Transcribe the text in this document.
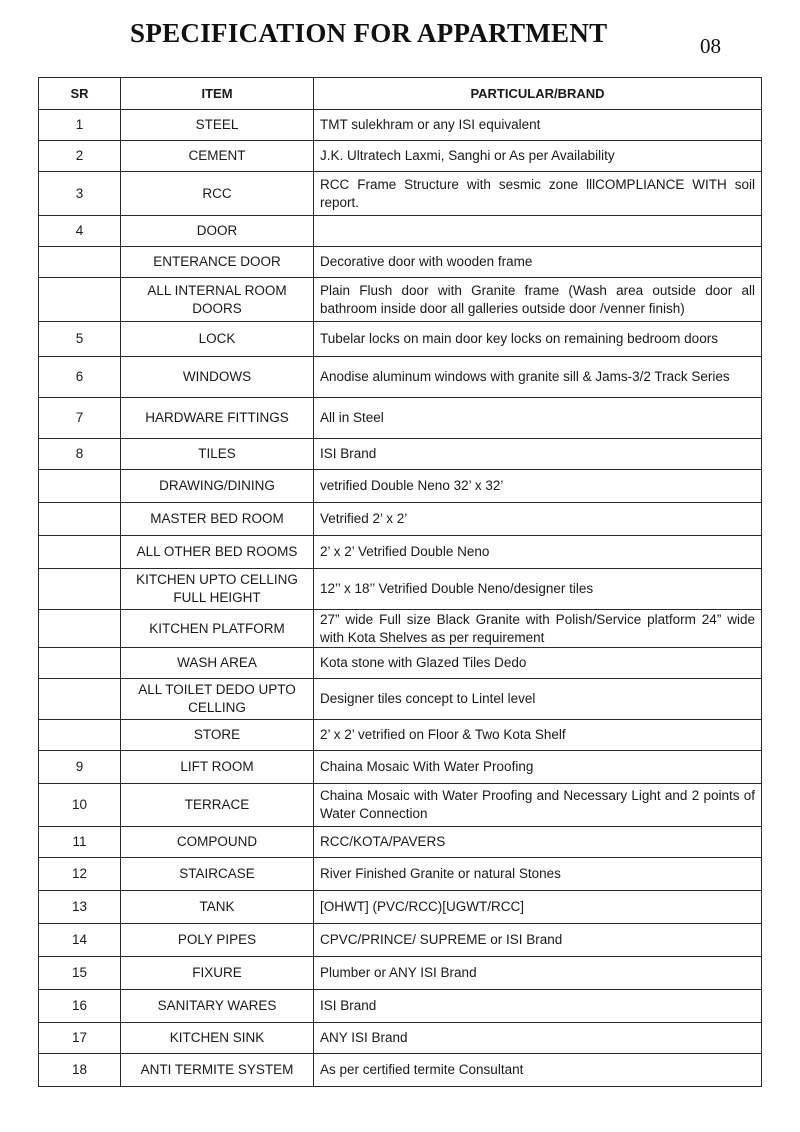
SPECIFICATION FOR APPARTMENT	08
SR	ITEM	PARTICULAR/BRAND
1	STEEL	TMT sulekhram or any ISI equivalent
2	CEMENT	J.K. Ultratech Laxmi, Sanghi or As per Availability
3	RCC	RCC Frame Structure with sesmic zone lllCOMPLIANCE WITH soil report.
4	DOOR	
	ENTERANCE DOOR	Decorative door with wooden frame
	ALL INTERNAL ROOM DOORS	Plain Flush door with Granite frame (Wash area outside door all bathroom inside door all galleries outside door /venner finish)
5	LOCK	Tubelar locks on main door key locks on remaining bedroom doors
6	WINDOWS	Anodise aluminum windows with granite sill & Jams-3/2 Track Series
7	HARDWARE FITTINGS	All in Steel
8	TILES	ISI Brand
	DRAWING/DINING	vetrified Double Neno 32’ x 32’
	MASTER BED ROOM	Vetrified 2’ x 2’
	ALL OTHER BED ROOMS	2’ x 2’ Vetrified Double Neno
	KITCHEN UPTO CELLING FULL HEIGHT	12’’ x 18’’ Vetrified Double Neno/designer tiles
	KITCHEN PLATFORM	27” wide Full size Black Granite with Polish/Service platform 24” wide with Kota Shelves as per requirement
	WASH AREA	Kota stone with Glazed Tiles Dedo
	ALL TOILET DEDO UPTO CELLING	Designer tiles concept to Lintel level
	STORE	2’ x 2’ vetrified on Floor & Two Kota Shelf
9	LIFT ROOM	Chaina Mosaic With Water Proofing
10	TERRACE	Chaina Mosaic with Water Proofing and Necessary Light and 2 points of Water Connection
11	COMPOUND	RCC/KOTA/PAVERS
12	STAIRCASE	River Finished Granite or natural Stones
13	TANK	[OHWT] (PVC/RCC)[UGWT/RCC]
14	POLY PIPES	CPVC/PRINCE/ SUPREME or ISI Brand
15	FIXURE	Plumber or ANY ISI Brand
16	SANITARY WARES	ISI Brand
17	KITCHEN SINK	ANY ISI Brand
18	ANTI TERMITE SYSTEM	As per certified termite Consultant
